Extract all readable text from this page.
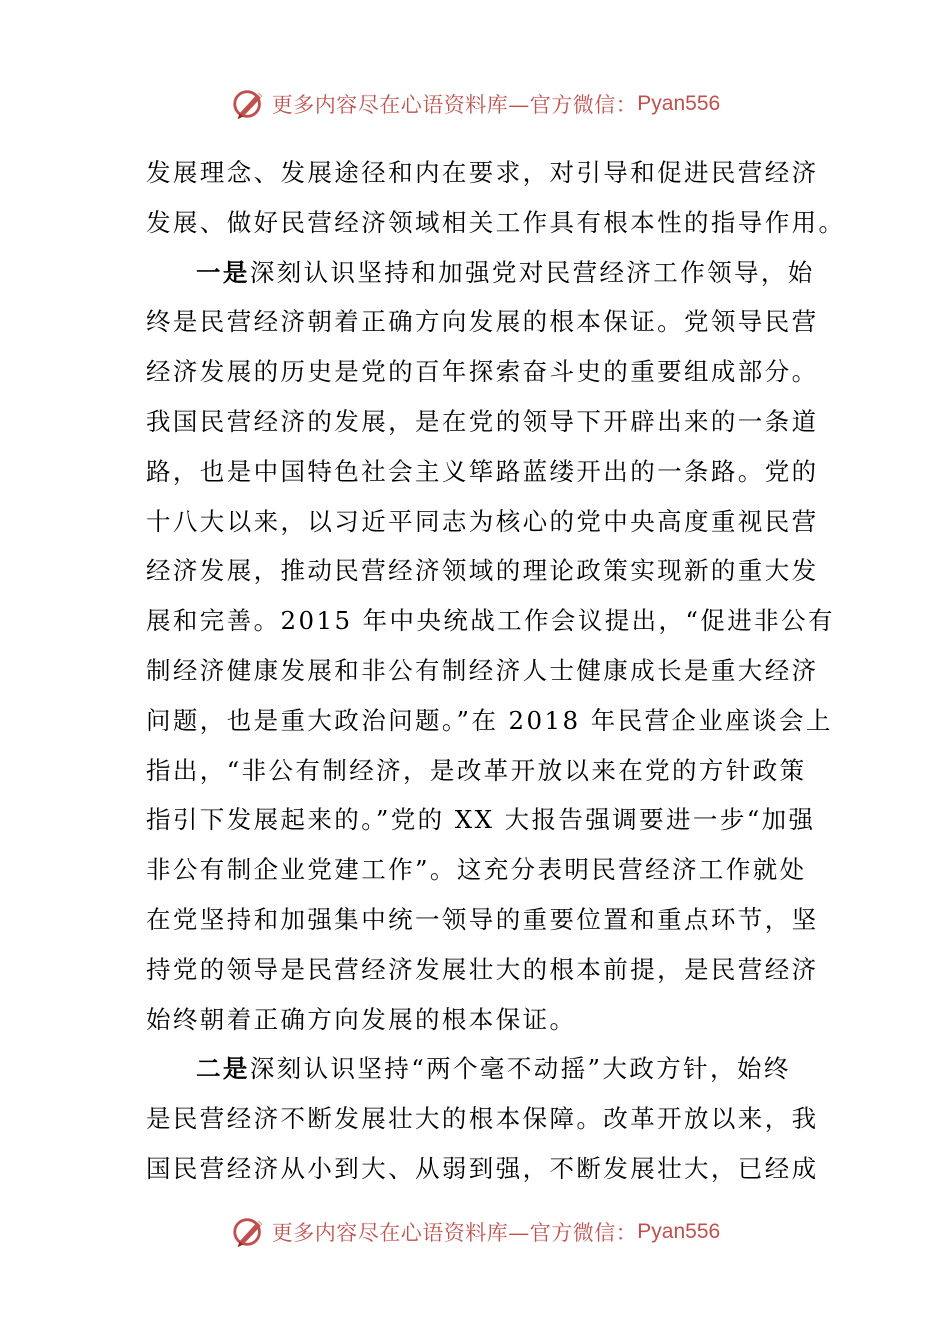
更多内容尽在心语资料库—官方微信： Pyan556
发展理念、发展途径和内在要求，对引导和促进民营经济
发展、做好民营经济领域相关工作具有根本性的指导作用。
一是深刻认识坚持和加强党对民营经济工作领导，始
终是民营经济朝着正确方向发展的根本保证。党领导民营
经济发展的历史是党的百年探索奋斗史的重要组成部分。
我国民营经济的发展，是在党的领导下开辟出来的一条道
路，也是中国特色社会主义筚路蓝缕开出的一条路。党的
十八大以来，以习近平同志为核心的党中央高度重视民营
经济发展，推动民营经济领域的理论政策实现新的重大发
展和完善。2015 年中央统战工作会议提出，“促进非公有
制经济健康发展和非公有制经济人士健康成长是重大经济
问题，也是重大政治问题。”在 2018 年民营企业座谈会上
指出，“非公有制经济，是改革开放以来在党的方针政策
指引下发展起来的。”党的 XX 大报告强调要进一步“加强
非公有制企业党建工作”。这充分表明民营经济工作就处
在党坚持和加强集中统一领导的重要位置和重点环节，坚
持党的领导是民营经济发展壮大的根本前提，是民营经济
始终朝着正确方向发展的根本保证。
二是深刻认识坚持“两个毫不动摇”大政方针，始终
是民营经济不断发展壮大的根本保障。改革开放以来，我
国民营经济从小到大、从弱到强，不断发展壮大，已经成
更多内容尽在心语资料库—官方微信： Pyan556
